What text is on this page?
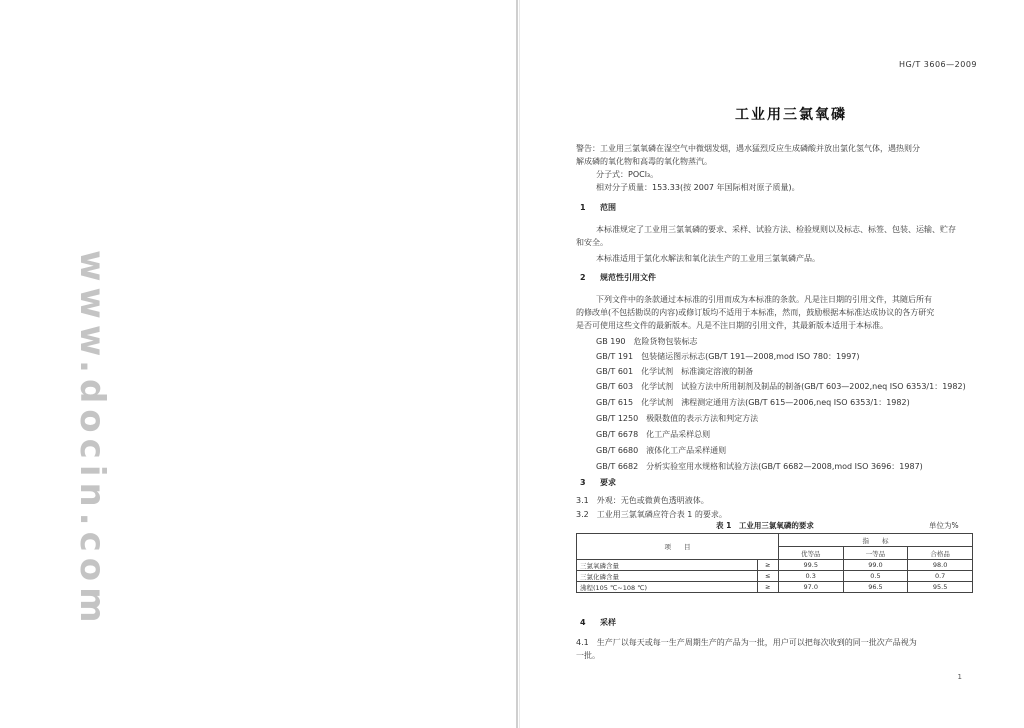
www.docin.com
HG/T 3606—2009
工业用三氯氧磷
警告：工业用三氯氧磷在湿空气中微烟发烟，遇水猛烈反应生成磷酸并放出氯化氢气体，遇热则分
解成磷的氧化物和高毒的氧化物蒸汽。
分子式：POCl₃。
相对分子质量：153.33(按 2007 年国际相对原子质量)。
1 范围
本标准规定了工业用三氯氧磷的要求、采样、试验方法、检验规则以及标志、标签、包装、运输、贮存
和安全。
本标准适用于氯化水解法和氧化法生产的工业用三氯氧磷产品。
2 规范性引用文件
下列文件中的条款通过本标准的引用而成为本标准的条款。凡是注日期的引用文件，其随后所有
的修改单(不包括勘误的内容)或修订版均不适用于本标准，然而，鼓励根据本标准达成协议的各方研究
是否可使用这些文件的最新版本。凡是不注日期的引用文件，其最新版本适用于本标准。
GB 190　危险货物包装标志
GB/T 191　包装储运图示标志(GB/T 191—2008,mod ISO 780：1997)
GB/T 601　化学试剂　标准滴定溶液的制备
GB/T 603　化学试剂　试验方法中所用制剂及制品的制备(GB/T 603—2002,neq ISO 6353/1：1982)
GB/T 615　化学试剂　沸程测定通用方法(GB/T 615—2006,neq ISO 6353/1：1982)
GB/T 1250　极限数值的表示方法和判定方法
GB/T 6678　化工产品采样总则
GB/T 6680　液体化工产品采样通则
GB/T 6682　分析实验室用水规格和试验方法(GB/T 6682—2008,mod ISO 3696：1987)
3 要求
3.1　外观：无色或微黄色透明液体。
3.2　工业用三氯氧磷应符合表 1 的要求。
表 1　工业用三氯氧磷的要求	单位为%
项　　目		指　　标		
		优等品	一等品	合格品
三氯氧磷含量	≥	99.5	99.0	98.0
三氯化磷含量	≤	0.3	0.5	0.7
沸程(105 ℃~108 ℃)	≥	97.0	96.5	95.5
4 采样
4.1　生产厂以每天或每一生产周期生产的产品为一批，用户可以把每次收到的同一批次产品视为
一批。
1
